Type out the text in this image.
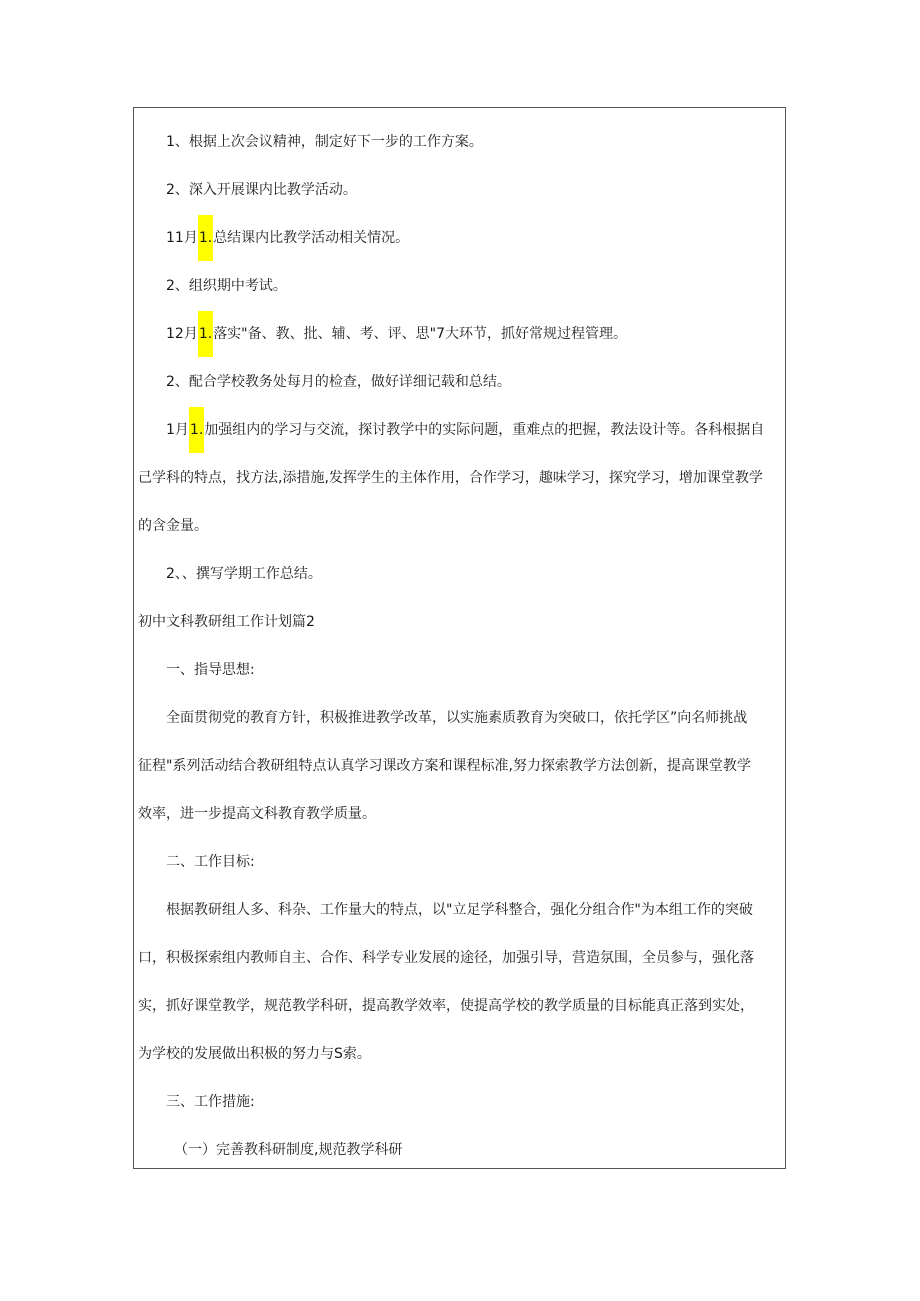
1、根据上次会议精神，制定好下一步的工作方案。
2、深入开展课内比教学活动。
11月1.总结课内比教学活动相关情况。
2、组织期中考试。
12月1.落实"备、教、批、辅、考、评、思"7大环节，抓好常规过程管理。
2、配合学校教务处每月的检查，做好详细记载和总结。
1月1.加强组内的学习与交流，探讨教学中的实际问题，重难点的把握，教法设计等。各科根据自
己学科的特点，找方法,添措施,发挥学生的主体作用，合作学习，趣味学习，探究学习，增加课堂教学
的含金量。
2、、撰写学期工作总结。
初中文科教研组工作计划篇2
一、指导思想:
全面贯彻党的教育方针，积极推进教学改革，以实施素质教育为突破口，依托学区”向名师挑战
征程"系列活动结合教研组特点认真学习课改方案和课程标准,努力探索教学方法创新，提高课堂教学
效率，进一步提高文科教育教学质量。
二、工作目标:
根据教研组人多、科杂、工作量大的特点，以"立足学科整合，强化分组合作"为本组工作的突破
口，积极探索组内教师自主、合作、科学专业发展的途径，加强引导，营造氛围，全员参与，强化落
实，抓好课堂教学，规范教学科研，提高教学效率，使提高学校的教学质量的目标能真正落到实处，
为学校的发展做出积极的努力与S索。
三、工作措施:
（一）完善教科研制度,规范教学科研
